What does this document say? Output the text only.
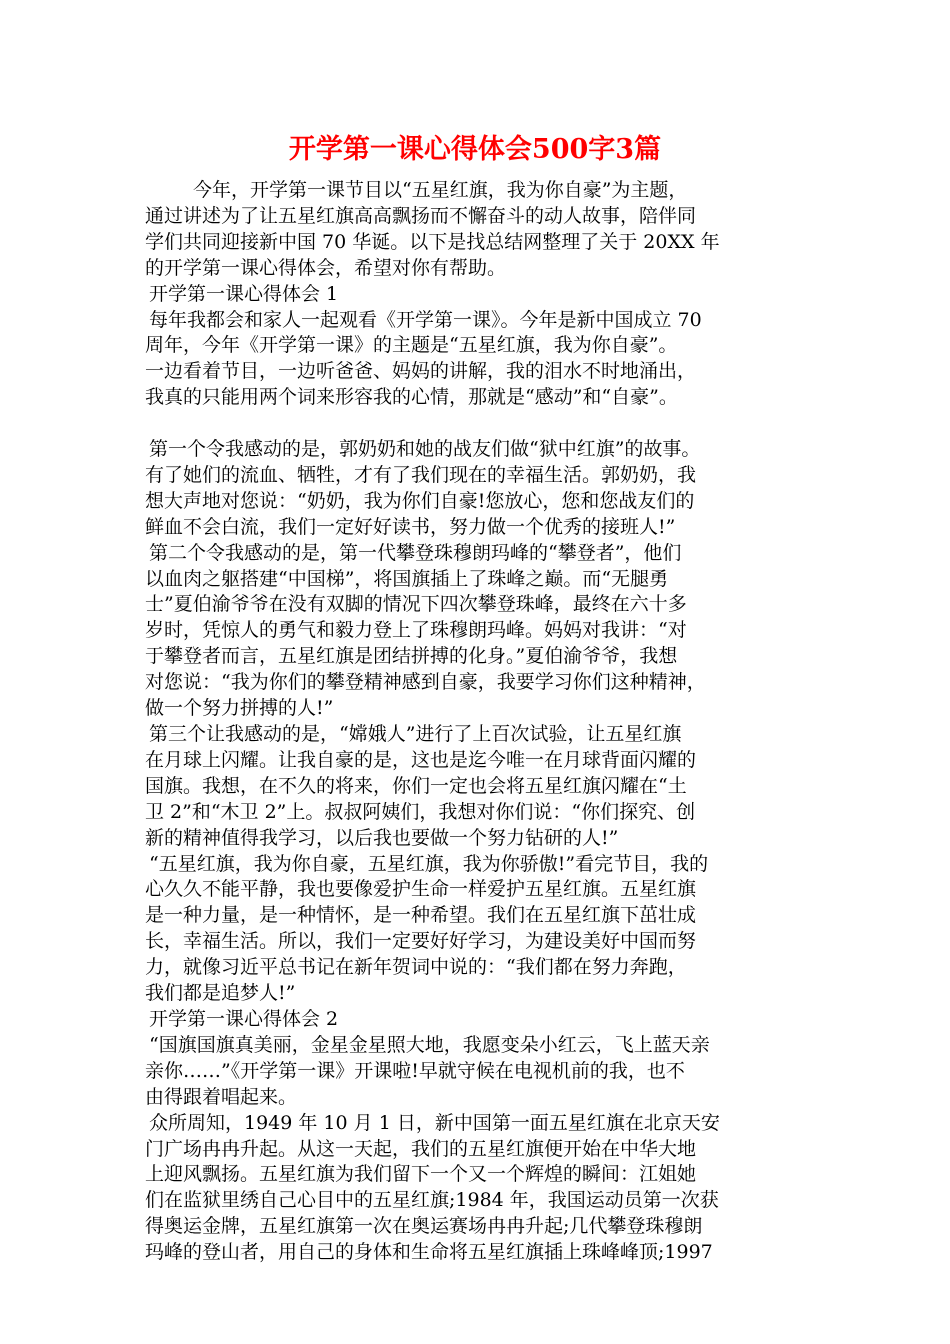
开学第一课心得体会500字3篇
今年，开学第一课节目以“五星红旗，我为你自豪”为主题，
通过讲述为了让五星红旗高高飘扬而不懈奋斗的动人故事，陪伴同
学们共同迎接新中国 70 华诞。以下是找总结网整理了关于 20XX 年
的开学第一课心得体会，希望对你有帮助。
开学第一课心得体会 1
每年我都会和家人一起观看《开学第一课》。今年是新中国成立 70
周年，今年《开学第一课》的主题是“五星红旗，我为你自豪”。
一边看着节目，一边听爸爸、妈妈的讲解，我的泪水不时地涌出，
我真的只能用两个词来形容我的心情，那就是“感动”和“自豪”。
第一个令我感动的是，郭奶奶和她的战友们做“狱中红旗”的故事。
有了她们的流血、牺牲，才有了我们现在的幸福生活。郭奶奶，我
想大声地对您说：“奶奶，我为你们自豪!您放心，您和您战友们的
鲜血不会白流，我们一定好好读书，努力做一个优秀的接班人!”
第二个令我感动的是，第一代攀登珠穆朗玛峰的“攀登者”，他们
以血肉之躯搭建“中国梯”，将国旗插上了珠峰之巅。而“无腿勇
士”夏伯渝爷爷在没有双脚的情况下四次攀登珠峰，最终在六十多
岁时，凭惊人的勇气和毅力登上了珠穆朗玛峰。妈妈对我讲：“对
于攀登者而言，五星红旗是团结拼搏的化身。”夏伯渝爷爷，我想
对您说：“我为你们的攀登精神感到自豪，我要学习你们这种精神，
做一个努力拼搏的人!”
第三个让我感动的是，“嫦娥人”进行了上百次试验，让五星红旗
在月球上闪耀。让我自豪的是，这也是迄今唯一在月球背面闪耀的
国旗。我想，在不久的将来，你们一定也会将五星红旗闪耀在“土
卫 2”和“木卫 2”上。叔叔阿姨们，我想对你们说：“你们探究、创
新的精神值得我学习，以后我也要做一个努力钻研的人!”
“五星红旗，我为你自豪，五星红旗，我为你骄傲!”看完节目，我的
心久久不能平静，我也要像爱护生命一样爱护五星红旗。五星红旗
是一种力量，是一种情怀，是一种希望。我们在五星红旗下茁壮成
长，幸福生活。所以，我们一定要好好学习，为建设美好中国而努
力，就像习近平总书记在新年贺词中说的：“我们都在努力奔跑，
我们都是追梦人!”
开学第一课心得体会 2
“国旗国旗真美丽，金星金星照大地，我愿变朵小红云，飞上蓝天亲
亲你……”《开学第一课》开课啦!早就守候在电视机前的我，也不
由得跟着唱起来。
众所周知，1949 年 10 月 1 日，新中国第一面五星红旗在北京天安
门广场冉冉升起。从这一天起，我们的五星红旗便开始在中华大地
上迎风飘扬。五星红旗为我们留下一个又一个辉煌的瞬间：江姐她
们在监狱里绣自己心目中的五星红旗;1984 年，我国运动员第一次获
得奥运金牌，五星红旗第一次在奥运赛场冉冉升起;几代攀登珠穆朗
玛峰的登山者，用自己的身体和生命将五星红旗插上珠峰峰顶;1997
